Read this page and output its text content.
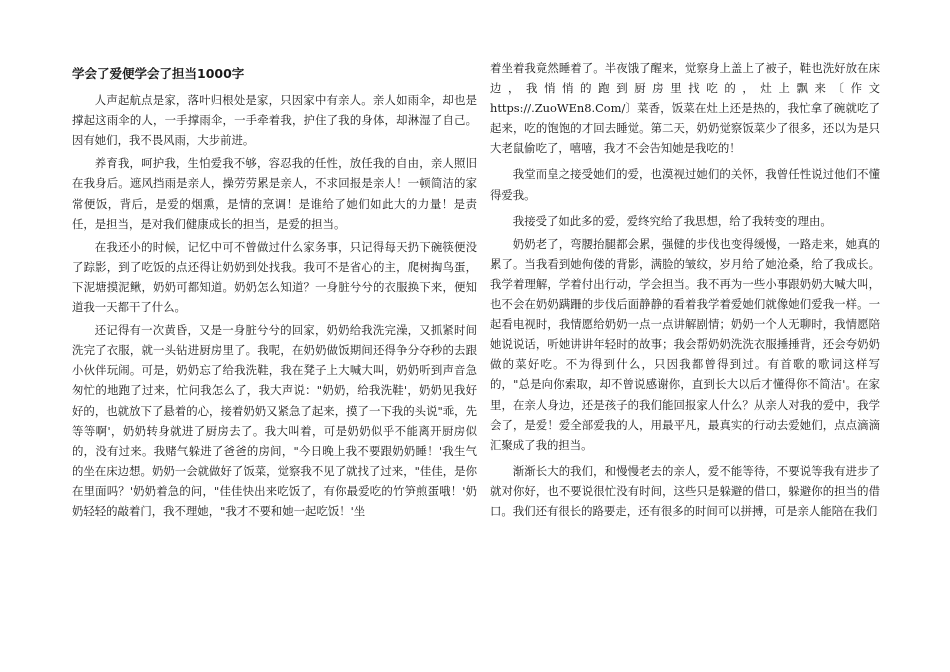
学会了爱便学会了担当1000字

人声起航点是家，落叶归根处是家，只因家中有亲人。亲人如雨伞，却也是撑起这雨伞的人，一手撑雨伞，一手牵着我，护住了我的身体，却淋湿了自己。因有她们，我不畏风雨，大步前进。

养育我，呵护我，生怕爱我不够，容忍我的任性，放任我的自由，亲人照旧在我身后。遮风挡雨是亲人，操劳劳累是亲人，不求回报是亲人！一顿简洁的家常便饭，背后，是爱的烟熏，是情的烹调！是谁给了她们如此大的力量！是责任，是担当，是对我们健康成长的担当，是爱的担当。

在我还小的时候，记忆中可不曾做过什么家务事，只记得每天扔下碗筷便没了踪影，到了吃饭的点还得让奶奶到处找我。我可不是省心的主，爬树掏鸟蛋，下泥塘摸泥鳅，奶奶可都知道。奶奶怎么知道？一身脏兮兮的衣服换下来，便知道我一天都干了什么。

还记得有一次黄昏，又是一身脏兮兮的回家，奶奶给我洗完澡，又抓紧时间洗完了衣服，就一头钻进厨房里了。我呢，在奶奶做饭期间还得争分夺秒的去跟小伙伴玩闹。可是，奶奶忘了给我洗鞋，我在凳子上大喊大叫，奶奶听到声音急匆忙的地跑了过来，忙问我怎么了，我大声说："奶奶，给我洗鞋'，奶奶见我好好的，也就放下了悬着的心，接着奶奶又紧急了起来，摸了一下我的头说"乖，先等等啊'，奶奶转身就进了厨房去了。我大叫着，可是奶奶似乎不能离开厨房似的，没有过来。我赌气躲进了爸爸的房间，"今日晚上我不要跟奶奶睡！'我生气的坐在床边想。奶奶一会就做好了饭菜，觉察我不见了就找了过来，"佳佳，是你在里面吗？'奶奶着急的问，"佳佳快出来吃饭了，有你最爱吃的竹笋煎蛋哦！'奶奶轻轻的敲着门，我不理她，"我才不要和她一起吃饭！'坐

着坐着我竟然睡着了。半夜饿了醒来，觉察身上盖上了被子，鞋也洗好放在床边，我悄悄的跑到厨房里找吃的，灶上飘来〔作文https://.ZuoWEn8.Com/〕菜香，饭菜在灶上还是热的，我忙拿了碗就吃了起来，吃的饱饱的才回去睡觉。第二天，奶奶觉察饭菜少了很多，还以为是只大老鼠偷吃了，嘻嘻，我才不会告知她是我吃的！

我堂而皇之接受她们的爱，也漠视过她们的关怀，我曾任性说过他们不懂得爱我。

我接受了如此多的爱，爱终究给了我思想，给了我转变的理由。

奶奶老了，弯腰抬腿都会累，强健的步伐也变得缓慢，一路走来，她真的累了。当我看到她佝偻的背影，满脸的皱纹，岁月给了她沧桑，给了我成长。我学着理解，学着付出行动，学会担当。我不再为一些小事跟奶奶大喊大叫，也不会在奶奶蹒跚的步伐后面静静的看着我学着爱她们就像她们爱我一样。一起看电视时，我情愿给奶奶一点一点讲解剧情；奶奶一个人无聊时，我情愿陪她说说话，听她讲讲年轻时的故事；我会帮奶奶洗洗衣服捶捶背，还会夸奶奶做的菜好吃。不为得到什么，只因我都曾得到过。有首歌的歌词这样写的，"总是向你索取，却不曾说感谢你，直到长大以后才懂得你不简洁'。在家里，在亲人身边，还是孩子的我们能回报家人什么？从亲人对我的爱中，我学会了，是爱！爱全部爱我的人，用最平凡，最真实的行动去爱她们，点点滴滴汇聚成了我的担当。

渐渐长大的我们，和慢慢老去的亲人，爱不能等待，不要说等我有进步了就对你好，也不要说很忙没有时间，这些只是躲避的借口，躲避你的担当的借口。我们还有很长的路要走，还有很多的时间可以拼搏，可是亲人能陪在我们
